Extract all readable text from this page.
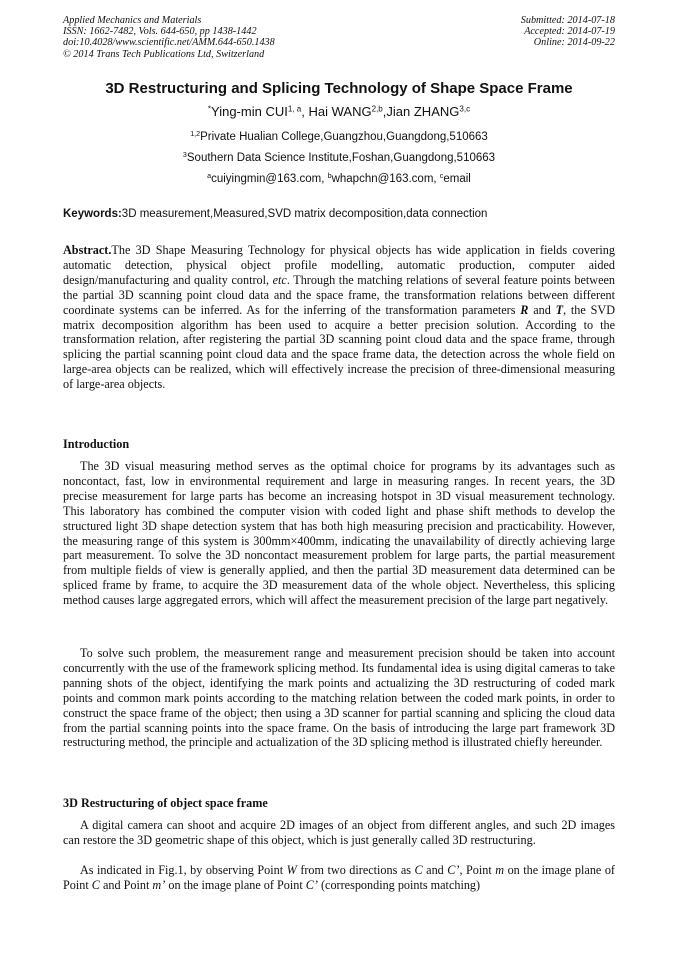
Applied Mechanics and Materials
ISSN: 1662-7482, Vols. 644-650, pp 1438-1442
doi:10.4028/www.scientific.net/AMM.644-650.1438
© 2014 Trans Tech Publications Ltd, Switzerland
Submitted: 2014-07-18
Accepted: 2014-07-19
Online: 2014-09-22
3D Restructuring and Splicing Technology of Shape Space Frame
*Ying-min CUI$^{1, a}$, Hai WANG$^{2,b}$,Jian ZHANG$^{3,c}$
$^{1,2}$Private Hualian College,Guangzhou,Guangdong,510663
$^3$Southern Data Science Institute,Foshan,Guangdong,510663
$^a$cuiyingmin@163.com, $^b$whapchn@163.com, $^c$email
Keywords:3D measurement,Measured,SVD matrix decomposition,data connection

Abstract.The 3D Shape Measuring Technology for physical objects has wide application in fields covering automatic detection, physical object profile modelling, automatic production, computer aided design/manufacturing and quality control, etc. Through the matching relations of several feature points between the partial 3D scanning point cloud data and the space frame, the transformation relations between different coordinate systems can be inferred. As for the inferring of the transformation parameters R and T, the SVD matrix decomposition algorithm has been used to acquire a better precision solution. According to the transformation relation, after registering the partial 3D scanning point cloud data and the space frame, through splicing the partial scanning point cloud data and the space frame data, the detection across the whole field on large-area objects can be realized, which will effectively increase the precision of three-dimensional measuring of large-area objects.

Introduction

The 3D visual measuring method serves as the optimal choice for programs by its advantages such as noncontact, fast, low in environmental requirement and large in measuring ranges. In recent years, the 3D precise measurement for large parts has become an increasing hotspot in 3D visual measurement technology. This laboratory has combined the computer vision with coded light and phase shift methods to develop the structured light 3D shape detection system that has both high measuring precision and practicability. However, the measuring range of this system is 300mm×400mm, indicating the unavailability of directly achieving large part measurement. To solve the 3D noncontact measurement problem for large parts, the partial measurement from multiple fields of view is generally applied, and then the partial 3D measurement data determined can be spliced frame by frame, to acquire the 3D measurement data of the whole object. Nevertheless, this splicing method causes large aggregated errors, which will affect the measurement precision of the large part negatively.

To solve such problem, the measurement range and measurement precision should be taken into account concurrently with the use of the framework splicing method. Its fundamental idea is using digital cameras to take panning shots of the object, identifying the mark points and actualizing the 3D restructuring of coded mark points and common mark points according to the matching relation between the coded mark points, in order to construct the space frame of the object; then using a 3D scanner for partial scanning and splicing the cloud data from the partial scanning points into the space frame. On the basis of introducing the large part framework 3D restructuring method, the principle and actualization of the 3D splicing method is illustrated chiefly hereunder.

3D Restructuring of object space frame

A digital camera can shoot and acquire 2D images of an object from different angles, and such 2D images can restore the 3D geometric shape of this object, which is just generally called 3D restructuring.

As indicated in Fig.1, by observing Point W from two directions as C and C’, Point m on the image plane of Point C and Point m’ on the image plane of Point C’ (corresponding points matching)
